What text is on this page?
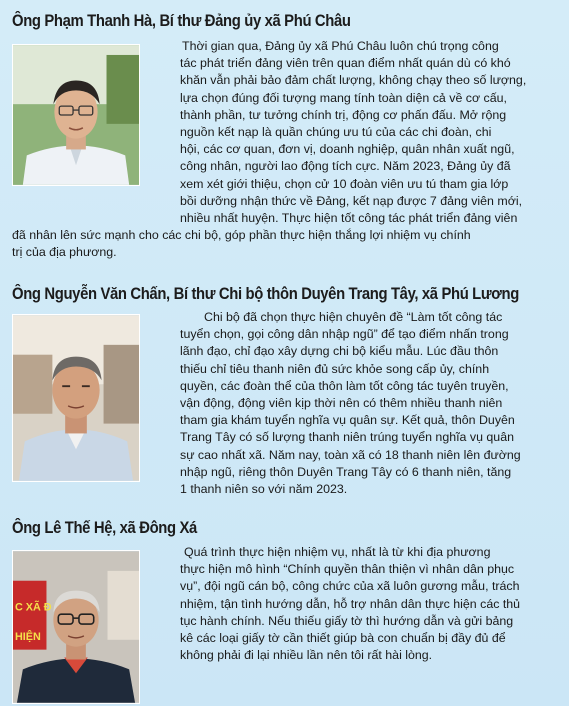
Ông Phạm Thanh Hà, Bí thư Đảng ủy xã Phú Châu
Thời gian qua, Đảng ủy xã Phú Châu luôn chú trọng công
tác phát triển đảng viên trên quan điểm nhất quán dù có khó
khăn vẫn phải bảo đảm chất lượng, không chạy theo số lượng,
lựa chọn đúng đối tượng mang tính toàn diện cả về cơ cấu,
thành phần, tư tưởng chính trị, động cơ phấn đấu. Mở rộng
nguồn kết nạp là quần chúng ưu tú của các chi đoàn, chi
hội, các cơ quan, đơn vị, doanh nghiệp, quân nhân xuất ngũ,
công nhân, người lao động tích cực. Năm 2023, Đảng ủy đã
xem xét giới thiệu, chọn cử 10 đoàn viên ưu tú tham gia lớp
bồi dưỡng nhận thức về Đảng, kết nạp được 7 đảng viên mới,
nhiều nhất huyện. Thực hiện tốt công tác phát triển đảng viên
đã nhân lên sức mạnh cho các chi bộ, góp phần thực hiện thắng lợi nhiệm vụ chính
trị của địa phương.
Ông Nguyễn Văn Chấn, Bí thư Chi bộ thôn Duyên Trang Tây, xã Phú Lương
Chi bộ đã chọn thực hiện chuyên đề “Làm tốt công tác
tuyển chọn, gọi công dân nhập ngũ” để tạo điểm nhấn trong
lãnh đạo, chỉ đạo xây dựng chi bộ kiểu mẫu. Lúc đầu thôn
thiếu chỉ tiêu thanh niên đủ sức khỏe song cấp ủy, chính
quyền, các đoàn thể của thôn làm tốt công tác tuyên truyền,
vận động, động viên kịp thời nên có thêm nhiều thanh niên
tham gia khám tuyển nghĩa vụ quân sự. Kết quả, thôn Duyên
Trang Tây có số lượng thanh niên trúng tuyển nghĩa vụ quân
sự cao nhất xã. Năm nay, toàn xã có 18 thanh niên lên đường
nhập ngũ, riêng thôn Duyên Trang Tây có 6 thanh niên, tăng
1 thanh niên so với năm 2023.
Ông Lê Thế Hệ, xã Đông Xá
C XÃ Đ
HIỆN
Quá trình thực hiện nhiệm vụ, nhất là từ khi địa phương
thực hiện mô hình “Chính quyền thân thiện vì nhân dân phục
vụ”, đội ngũ cán bộ, công chức của xã luôn gương mẫu, trách
nhiệm, tận tình hướng dẫn, hỗ trợ nhân dân thực hiện các thủ
tục hành chính. Nếu thiếu giấy tờ thì hướng dẫn và gửi bảng
kê các loại giấy tờ cần thiết giúp bà con chuẩn bị đầy đủ để
không phải đi lại nhiều lần nên tôi rất hài lòng.
